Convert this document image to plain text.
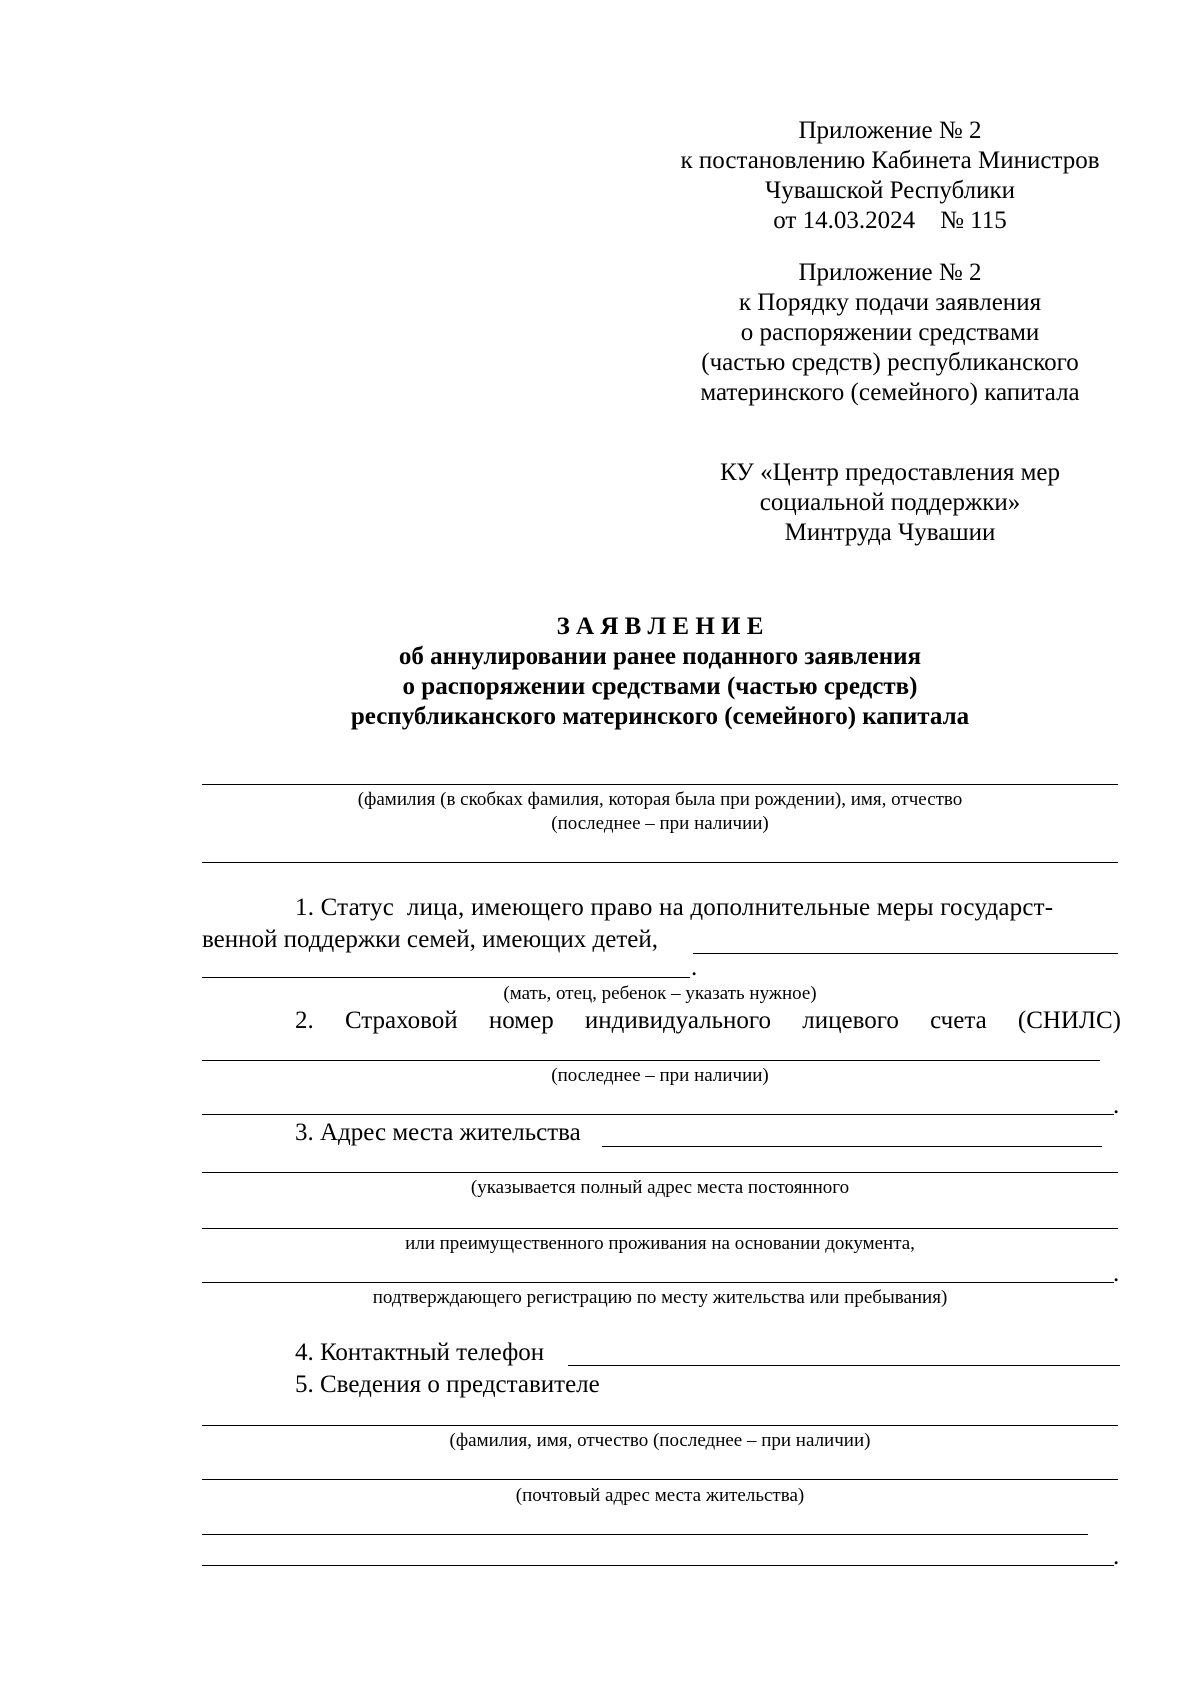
Приложение № 2
к постановлению Кабинета Министров
Чувашской Республики
от 14.03.2024    № 115
Приложение № 2
к Порядку подачи заявления
о распоряжении средствами
(частью средств) республиканского
материнского (семейного) капитала
КУ «Центр предоставления мер
социальной поддержки»
Минтруда Чувашии
З А Я В Л Е Н И Е
об аннулировании ранее поданного заявления
о распоряжении средствами (частью средств)
республиканского материнского (семейного) капитала
(фамилия (в скобках фамилия, которая была при рождении), имя, отчество
(последнее – при наличии)
1. Статус  лица, имеющего право на дополнительные меры государст-
венной поддержки семей, имеющих детей,
.
(мать, отец, ребенок – указать нужное)
2. Страховой номер индивидуального лицевого счета (СНИЛС)
(последнее – при наличии)
.
3. Адрес места жительства
(указывается полный адрес места постоянного
или преимущественного проживания на основании документа,
.
подтверждающего регистрацию по месту жительства или пребывания)
4. Контактный телефон
5. Сведения о представителе
(фамилия, имя, отчество (последнее – при наличии)
(почтовый адрес места жительства)
.
